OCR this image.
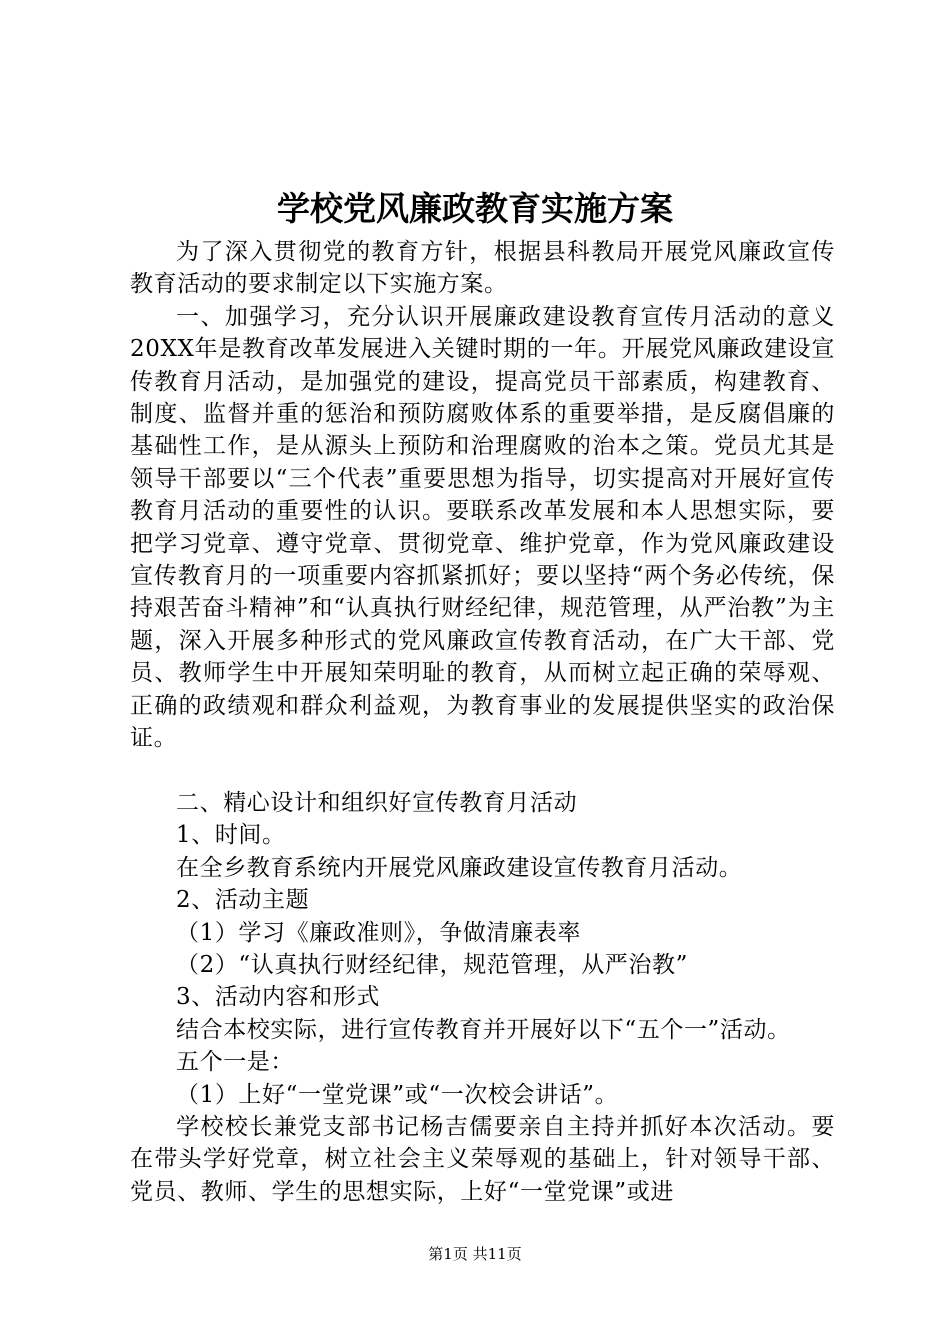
学校党风廉政教育实施方案

为了深入贯彻党的教育方针，根据县科教局开展党风廉政宣传教育活动的要求制定以下实施方案。

一、加强学习，充分认识开展廉政建设教育宣传月活动的意义20XX年是教育改革发展进入关键时期的一年。开展党风廉政建设宣传教育月活动，是加强党的建设，提高党员干部素质，构建教育、制度、监督并重的惩治和预防腐败体系的重要举措，是反腐倡廉的基础性工作，是从源头上预防和治理腐败的治本之策。党员尤其是领导干部要以“三个代表”重要思想为指导，切实提高对开展好宣传教育月活动的重要性的认识。要联系改革发展和本人思想实际，要把学习党章、遵守党章、贯彻党章、维护党章，作为党风廉政建设宣传教育月的一项重要内容抓紧抓好；要以坚持“两个务必传统，保持艰苦奋斗精神”和“认真执行财经纪律，规范管理，从严治教”为主题，深入开展多种形式的党风廉政宣传教育活动，在广大干部、党员、教师学生中开展知荣明耻的教育，从而树立起正确的荣辱观、正确的政绩观和群众利益观，为教育事业的发展提供坚实的政治保证。

二、精心设计和组织好宣传教育月活动

1、时间。

在全乡教育系统内开展党风廉政建设宣传教育月活动。

2、活动主题

（1）学习《廉政准则》，争做清廉表率

（2）“认真执行财经纪律，规范管理，从严治教”

3、活动内容和形式

结合本校实际，进行宣传教育并开展好以下“五个一”活动。

五个一是：

（1）上好“一堂党课”或“一次校会讲话”。

学校校长兼党支部书记杨吉儒要亲自主持并抓好本次活动。要在带头学好党章，树立社会主义荣辱观的基础上，针对领导干部、党员、教师、学生的思想实际，上好“一堂党课”或进

第1页 共11页
